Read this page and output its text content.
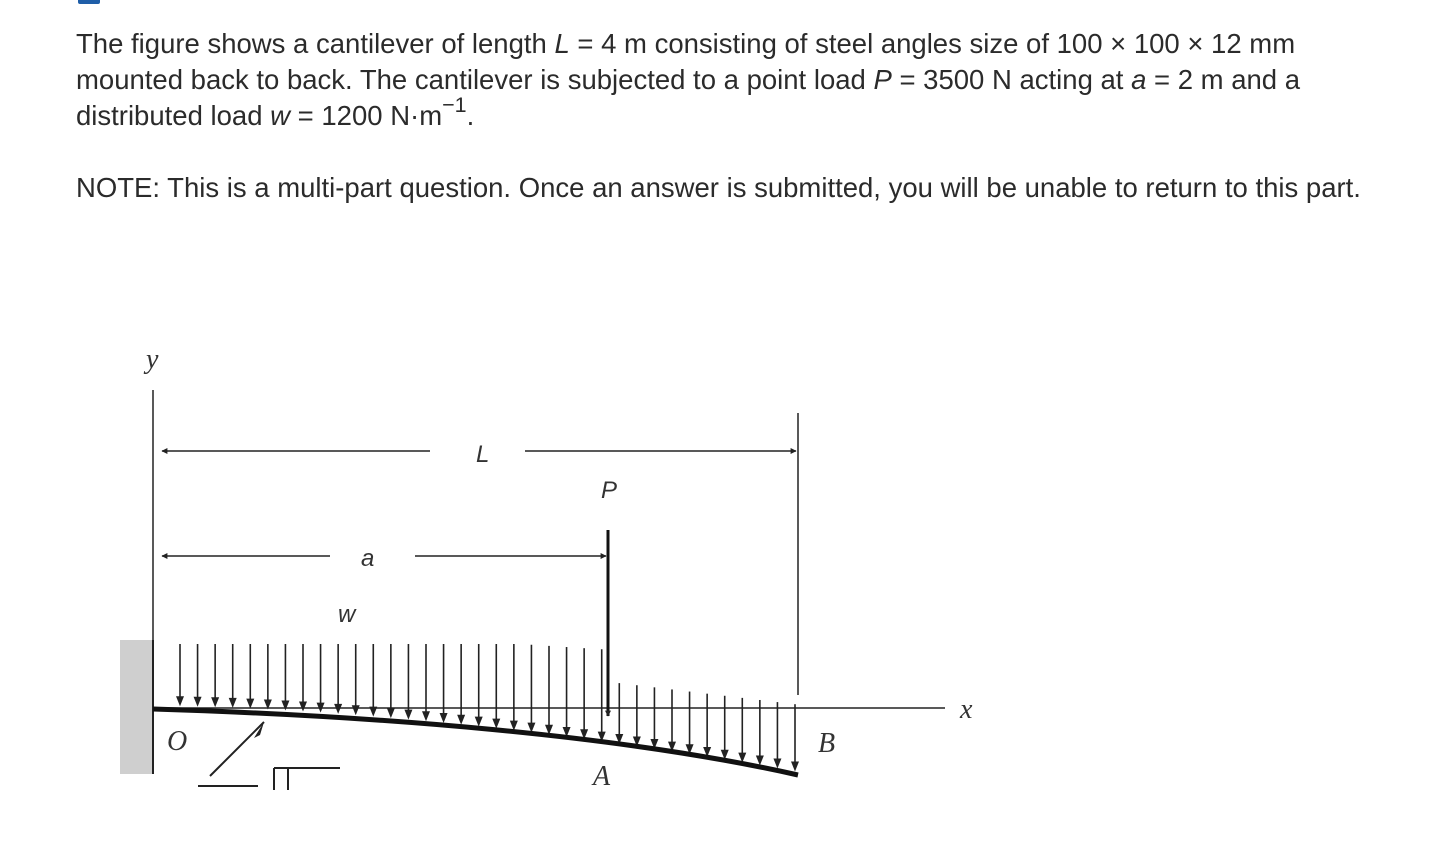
The figure shows a cantilever of length L = 4 m consisting of steel angles size of 100 × 100 × 12 mm mounted back to back. The cantilever is subjected to a point load P = 3500 N acting at a = 2 m and a distributed load w = 1200 $N\cdot m^{-1}$.

NOTE: This is a multi-part question. Once an answer is submitted, you will be unable to return to this part.

y
x
L
a
P
w
O
A
B
